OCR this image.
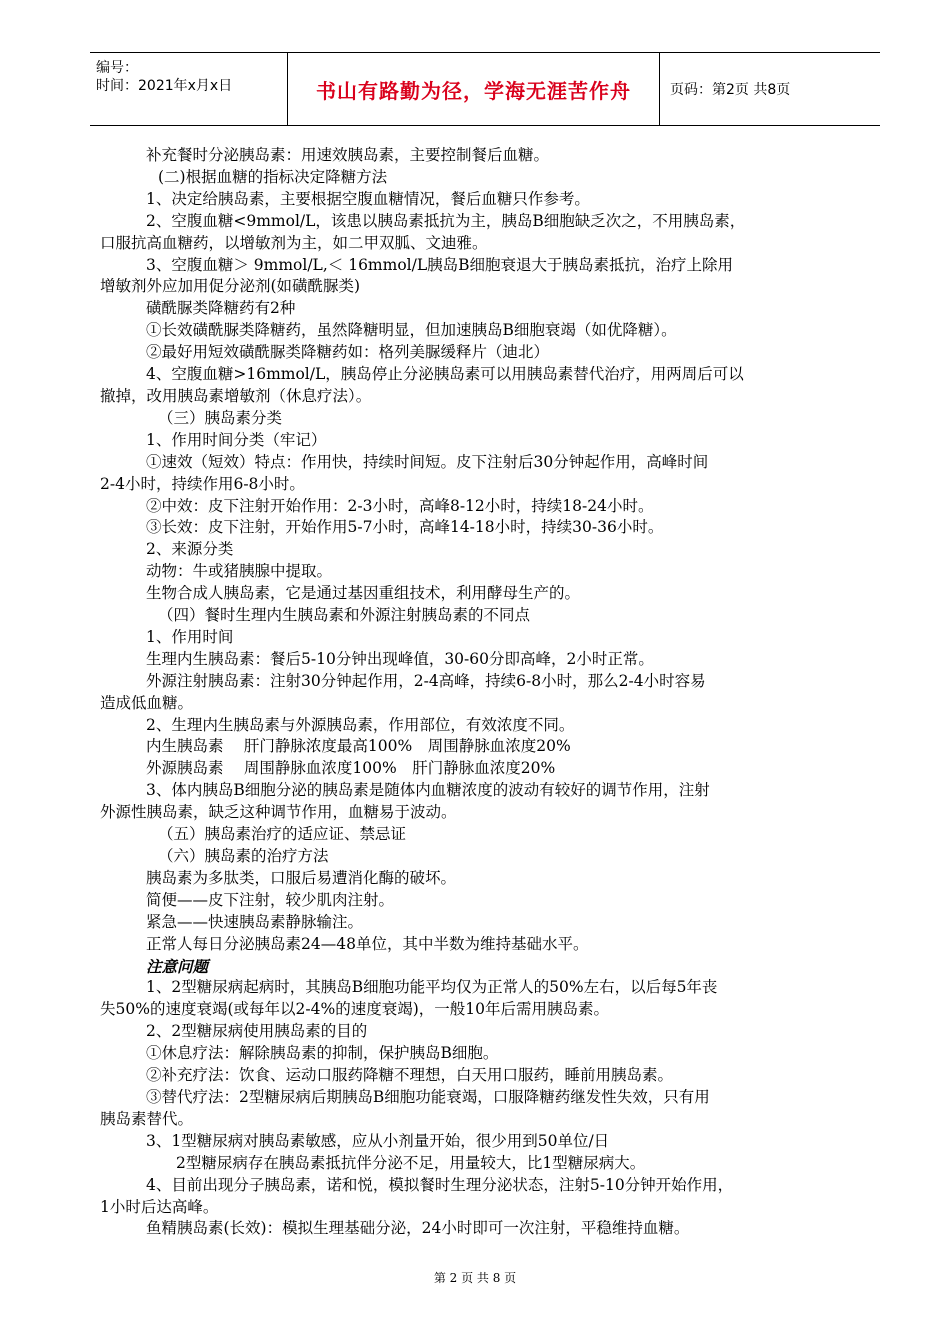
编号：
时间：2021年x月x日	书山有路勤为径，学海无涯苦作舟	页码：第2页 共8页
补充餐时分泌胰岛素：用速效胰岛素，主要控制餐后血糖。
(二)根据血糖的指标决定降糖方法
1、决定给胰岛素，主要根据空腹血糖情况，餐后血糖只作参考。
2、空腹血糖<9mmol/L，该患以胰岛素抵抗为主，胰岛B细胞缺乏次之，不用胰岛素，
口服抗高血糖药，以增敏剂为主，如二甲双胍、文迪雅。
3、空腹血糖＞ 9mmol/L,＜ 16mmol/L胰岛B细胞衰退大于胰岛素抵抗，治疗上除用
增敏剂外应加用促分泌剂(如磺酰脲类)
磺酰脲类降糖药有2种
①长效磺酰脲类降糖药，虽然降糖明显，但加速胰岛B细胞衰竭（如优降糖）。
②最好用短效磺酰脲类降糖药如：格列美脲缓释片（迪北）
4、空腹血糖>16mmol/L，胰岛停止分泌胰岛素可以用胰岛素替代治疗，用两周后可以
撤掉，改用胰岛素增敏剂（休息疗法）。
（三）胰岛素分类
1、作用时间分类（牢记）
①速效（短效）特点：作用快，持续时间短。皮下注射后30分钟起作用，高峰时间
2-4小时，持续作用6-8小时。
②中效：皮下注射开始作用：2-3小时，高峰8-12小时，持续18-24小时。
③长效：皮下注射，开始作用5-7小时，高峰14-18小时，持续30-36小时。
2、来源分类
动物：牛或猪胰腺中提取。
生物合成人胰岛素，它是通过基因重组技术，利用酵母生产的。
（四）餐时生理内生胰岛素和外源注射胰岛素的不同点
1、作用时间
生理内生胰岛素：餐后5-10分钟出现峰值，30-60分即高峰，2小时正常。
外源注射胰岛素：注射30分钟起作用，2-4高峰，持续6-8小时，那么2-4小时容易
造成低血糖。
2、生理内生胰岛素与外源胰岛素，作用部位，有效浓度不同。
内生胰岛素　 肝门静脉浓度最高100%　周围静脉血浓度20%
外源胰岛素　 周围静脉血浓度100%　肝门静脉血浓度20%
3、体内胰岛B细胞分泌的胰岛素是随体内血糖浓度的波动有较好的调节作用，注射
外源性胰岛素，缺乏这种调节作用，血糖易于波动。
（五）胰岛素治疗的适应证、禁忌证
（六）胰岛素的治疗方法
胰岛素为多肽类，口服后易遭消化酶的破坏。
简便——皮下注射，较少肌肉注射。
紧急——快速胰岛素静脉输注。
正常人每日分泌胰岛素24—48单位，其中半数为维持基础水平。
注意问题
1、2型糖尿病起病时，其胰岛B细胞功能平均仅为正常人的50%左右，以后每5年丧
失50%的速度衰竭(或每年以2-4%的速度衰竭)，一般10年后需用胰岛素。
2、2型糖尿病使用胰岛素的目的
①休息疗法：解除胰岛素的抑制，保护胰岛B细胞。
②补充疗法：饮食、运动口服药降糖不理想，白天用口服药，睡前用胰岛素。
③替代疗法：2型糖尿病后期胰岛B细胞功能衰竭，口服降糖药继发性失效，只有用
胰岛素替代。
3、1型糖尿病对胰岛素敏感，应从小剂量开始，很少用到50单位/日
2型糖尿病存在胰岛素抵抗伴分泌不足，用量较大，比1型糖尿病大。
4、目前出现分子胰岛素，诺和悦，模拟餐时生理分泌状态，注射5-10分钟开始作用，
1小时后达高峰。
鱼精胰岛素(长效)：模拟生理基础分泌，24小时即可一次注射，平稳维持血糖。
第 2 页 共 8 页
